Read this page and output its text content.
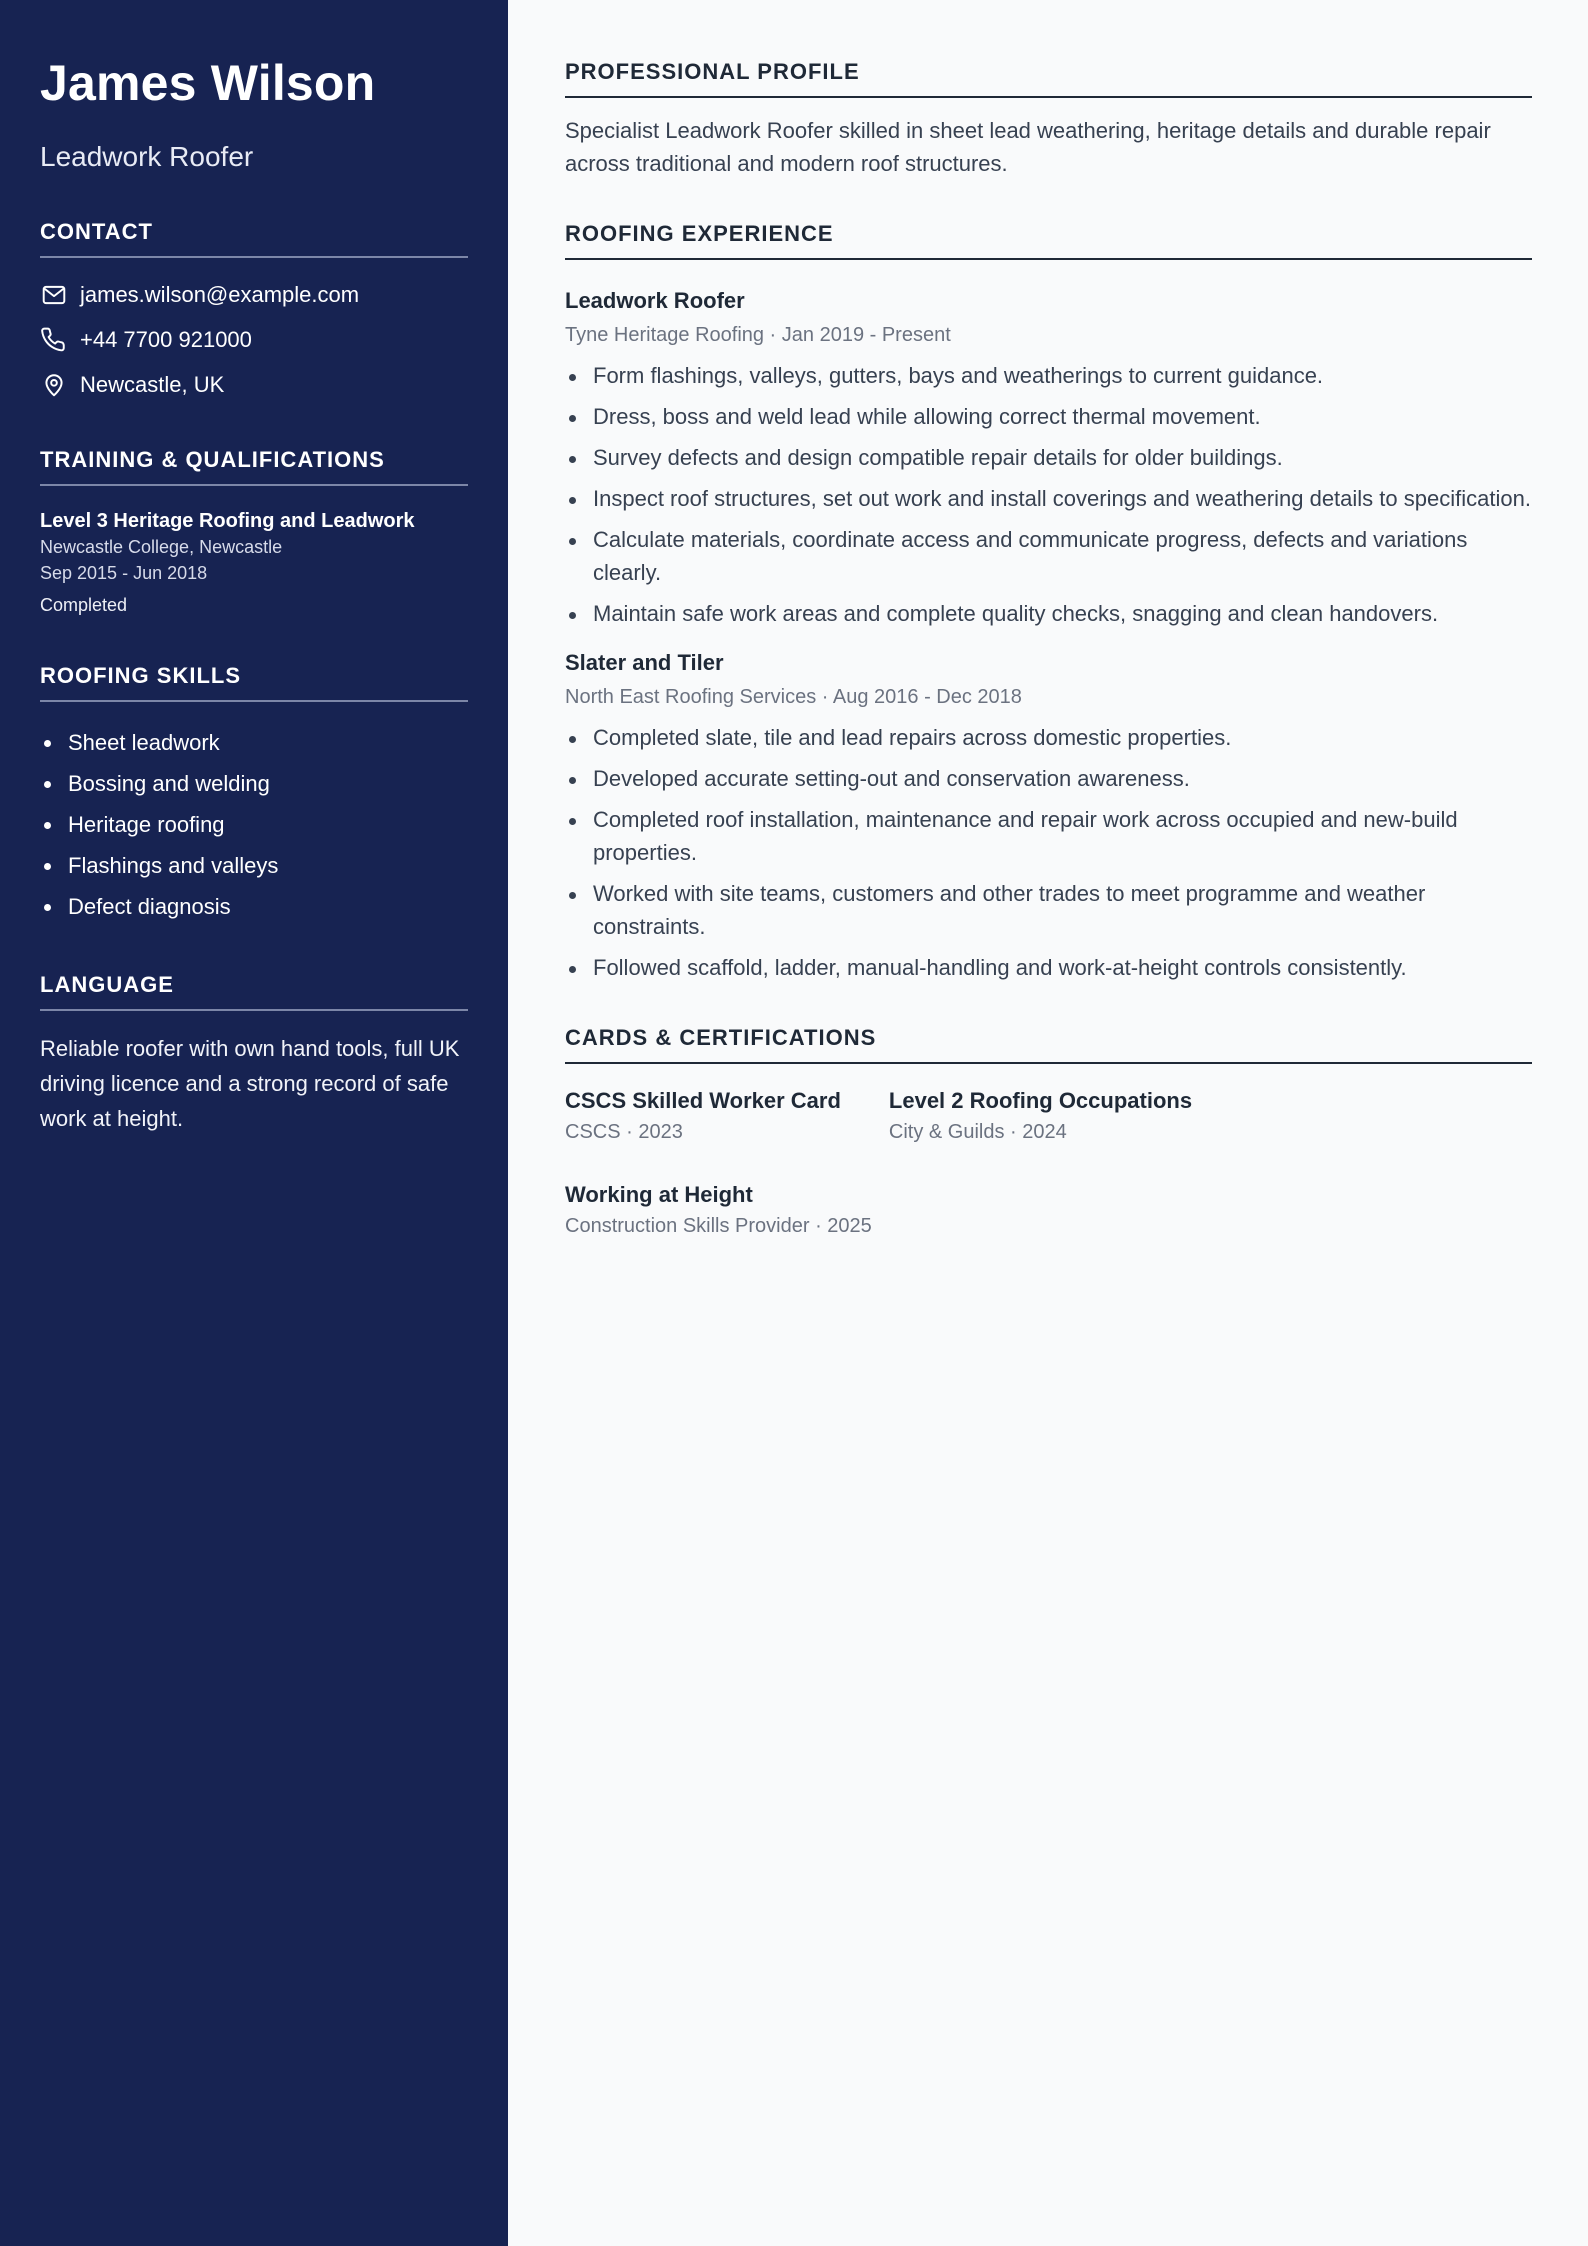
James Wilson
Leadwork Roofer
CONTACT
james.wilson@example.com
+44 7700 921000
Newcastle, UK
TRAINING & QUALIFICATIONS
Level 3 Heritage Roofing and Leadwork
Newcastle College, Newcastle
Sep 2015 - Jun 2018
Completed
ROOFING SKILLS
Sheet leadwork
Bossing and welding
Heritage roofing
Flashings and valleys
Defect diagnosis
LANGUAGE
Reliable roofer with own hand tools, full UK driving licence and a strong record of safe work at height.
PROFESSIONAL PROFILE

Specialist Leadwork Roofer skilled in sheet lead weathering, heritage details and durable repair across traditional and modern roof structures.

ROOFING EXPERIENCE
Leadwork Roofer
Tyne Heritage Roofing · Jan 2019 - Present
Form flashings, valleys, gutters, bays and weatherings to current guidance.
Dress, boss and weld lead while allowing correct thermal movement.
Survey defects and design compatible repair details for older buildings.
Inspect roof structures, set out work and install coverings and weathering details to specification.
Calculate materials, coordinate access and communicate progress, defects and variations clearly.
Maintain safe work areas and complete quality checks, snagging and clean handovers.
Slater and Tiler
North East Roofing Services · Aug 2016 - Dec 2018
Completed slate, tile and lead repairs across domestic properties.
Developed accurate setting-out and conservation awareness.
Completed roof installation, maintenance and repair work across occupied and new-build properties.
Worked with site teams, customers and other trades to meet programme and weather constraints.
Followed scaffold, ladder, manual-handling and work-at-height controls consistently.
CARDS & CERTIFICATIONS
CSCS Skilled Worker Card
CSCS · 2023
Level 2 Roofing Occupations
City & Guilds · 2024
Working at Height
Construction Skills Provider · 2025
